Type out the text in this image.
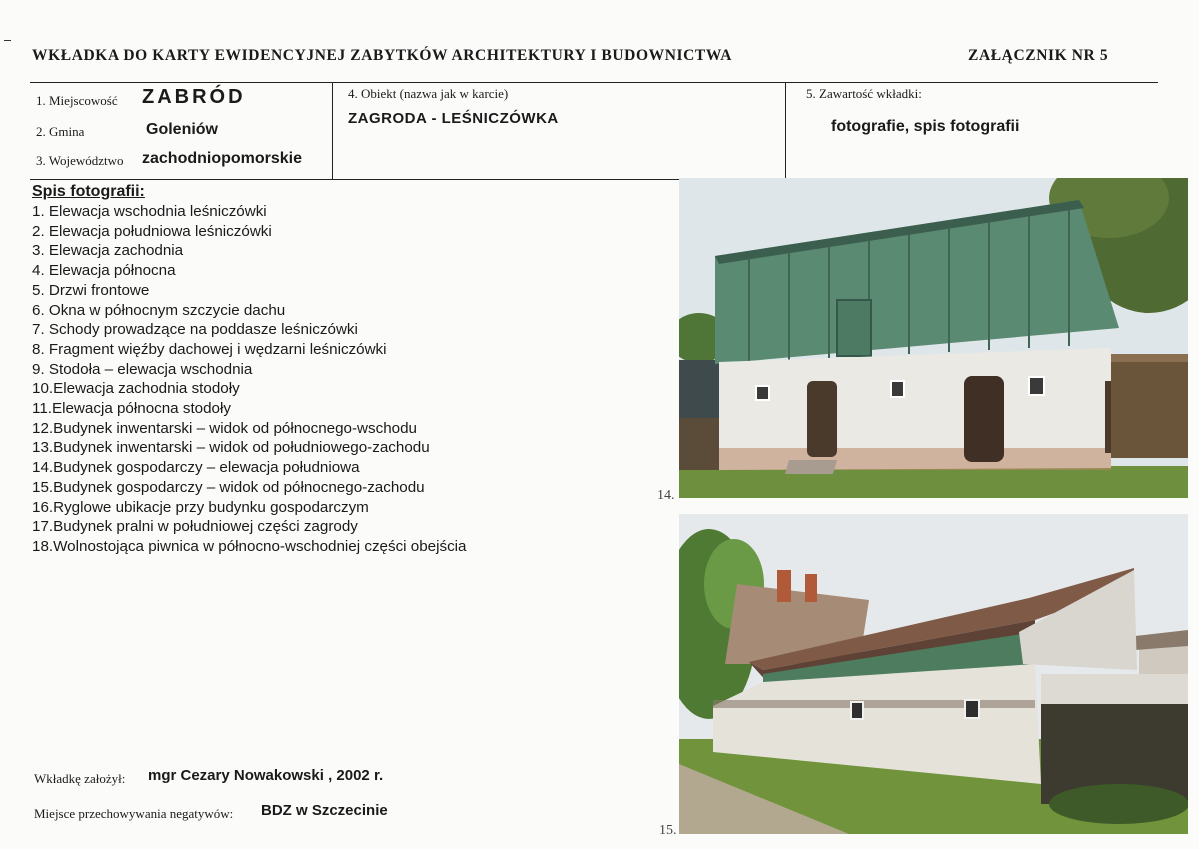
WKŁADKA DO KARTY EWIDENCYJNEJ ZABYTKÓW ARCHITEKTURY I BUDOWNICTWA	ZAŁĄCZNIK NR 5
1. Miejscowość ZABRÓD
2. Gmina	Goleniów
3. Województwo zachodniopomorskie
4. Obiekt (nazwa jak w karcie)
ZAGRODA - LEŚNICZÓWKA
5. Zawartość wkładki:
fotografie, spis fotografii
Spis fotografii:
1. Elewacja wschodnia leśniczówki
2. Elewacja południowa leśniczówki
3. Elewacja zachodnia
4. Elewacja północna
5. Drzwi frontowe
6. Okna w północnym szczycie dachu
7. Schody prowadzące na poddasze leśniczówki
8. Fragment więźby dachowej i wędzarni leśniczówki
9. Stodoła – elewacja wschodnia
10.Elewacja zachodnia stodoły
11.Elewacja północna stodoły
12.Budynek inwentarski – widok od północnego-wschodu
13.Budynek inwentarski – widok od południowego-zachodu
14.Budynek gospodarczy – elewacja południowa
15.Budynek gospodarczy – widok od północnego-zachodu
16.Ryglowe ubikacje przy budynku gospodarczym
17.Budynek pralni w południowej części zagrody
18.Wolnostojąca piwnica w północno-wschodniej części obejścia
14.
15.
Wkładkę założył: mgr Cezary Nowakowski , 2002 r.
Miejsce przechowywania negatywów: BDZ w Szczecinie
